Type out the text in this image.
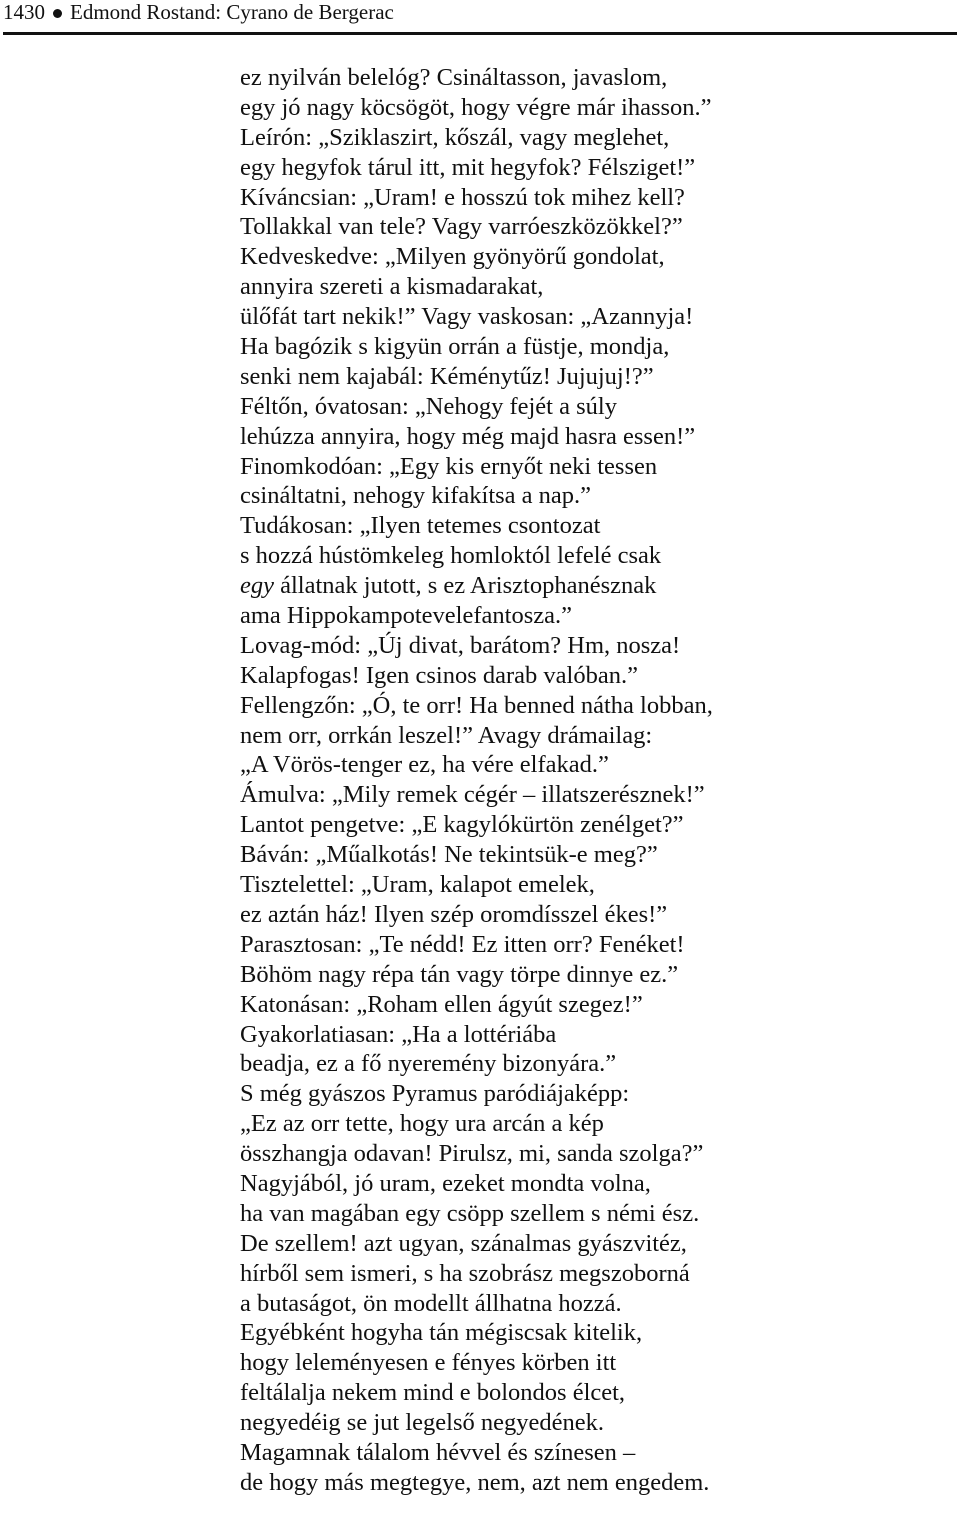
1430 Edmond Rostand: Cyrano de Bergerac
ez nyilván belelóg? Csináltasson, javaslom,
egy jó nagy köcsögöt, hogy végre már ihasson.”
Leírón: „Sziklaszirt, kőszál, vagy meglehet,
egy hegyfok tárul itt, mit hegyfok? Félsziget!”
Kíváncsian: „Uram! e hosszú tok mihez kell?
Tollakkal van tele? Vagy varróeszközökkel?”
Kedveskedve: „Milyen gyönyörű gondolat,
annyira szereti a kismadarakat,
ülőfát tart nekik!” Vagy vaskosan: „Azannyja!
Ha bagózik s kigyün orrán a füstje, mondja,
senki nem kajabál: Kéménytűz! Jujujuj!?”
Féltőn, óvatosan: „Nehogy fejét a súly
lehúzza annyira, hogy még majd hasra essen!”
Finomkodóan: „Egy kis ernyőt neki tessen
csináltatni, nehogy kifakítsa a nap.”
Tudákosan: „Ilyen tetemes csontozat
s hozzá hústömkeleg homloktól lefelé csak
egy állatnak jutott, s ez Arisztophanésznak
ama Hippokampotevelefantosza.”
Lovag-mód: „Új divat, barátom? Hm, nosza!
Kalapfogas! Igen csinos darab valóban.”
Fellengzőn: „Ó, te orr! Ha benned nátha lobban,
nem orr, orrkán leszel!” Avagy drámailag:
„A Vörös-tenger ez, ha vére elfakad.”
Ámulva: „Mily remek cégér – illatszerésznek!”
Lantot pengetve: „E kagylókürtön zenélget?”
Báván: „Műalkotás! Ne tekintsük-e meg?”
Tisztelettel: „Uram, kalapot emelek,
ez aztán ház! Ilyen szép oromdísszel ékes!”
Parasztosan: „Te nédd! Ez itten orr? Fenéket!
Böhöm nagy répa tán vagy törpe dinnye ez.”
Katonásan: „Roham ellen ágyút szegez!”
Gyakorlatiasan: „Ha a lottériába
beadja, ez a fő nyeremény bizonyára.”
S még gyászos Pyramus paródiájaképp:
„Ez az orr tette, hogy ura arcán a kép
összhangja odavan! Pirulsz, mi, sanda szolga?”
Nagyjából, jó uram, ezeket mondta volna,
ha van magában egy csöpp szellem s némi ész.
De szellem! azt ugyan, szánalmas gyászvitéz,
hírből sem ismeri, s ha szobrász megszoborná
a butaságot, ön modellt állhatna hozzá.
Egyébként hogyha tán mégiscsak kitelik,
hogy leleményesen e fényes körben itt
feltálalja nekem mind e bolondos élcet,
negyedéig se jut legelső negyedének.
Magamnak tálalom hévvel és színesen –
de hogy más megtegye, nem, azt nem engedem.
